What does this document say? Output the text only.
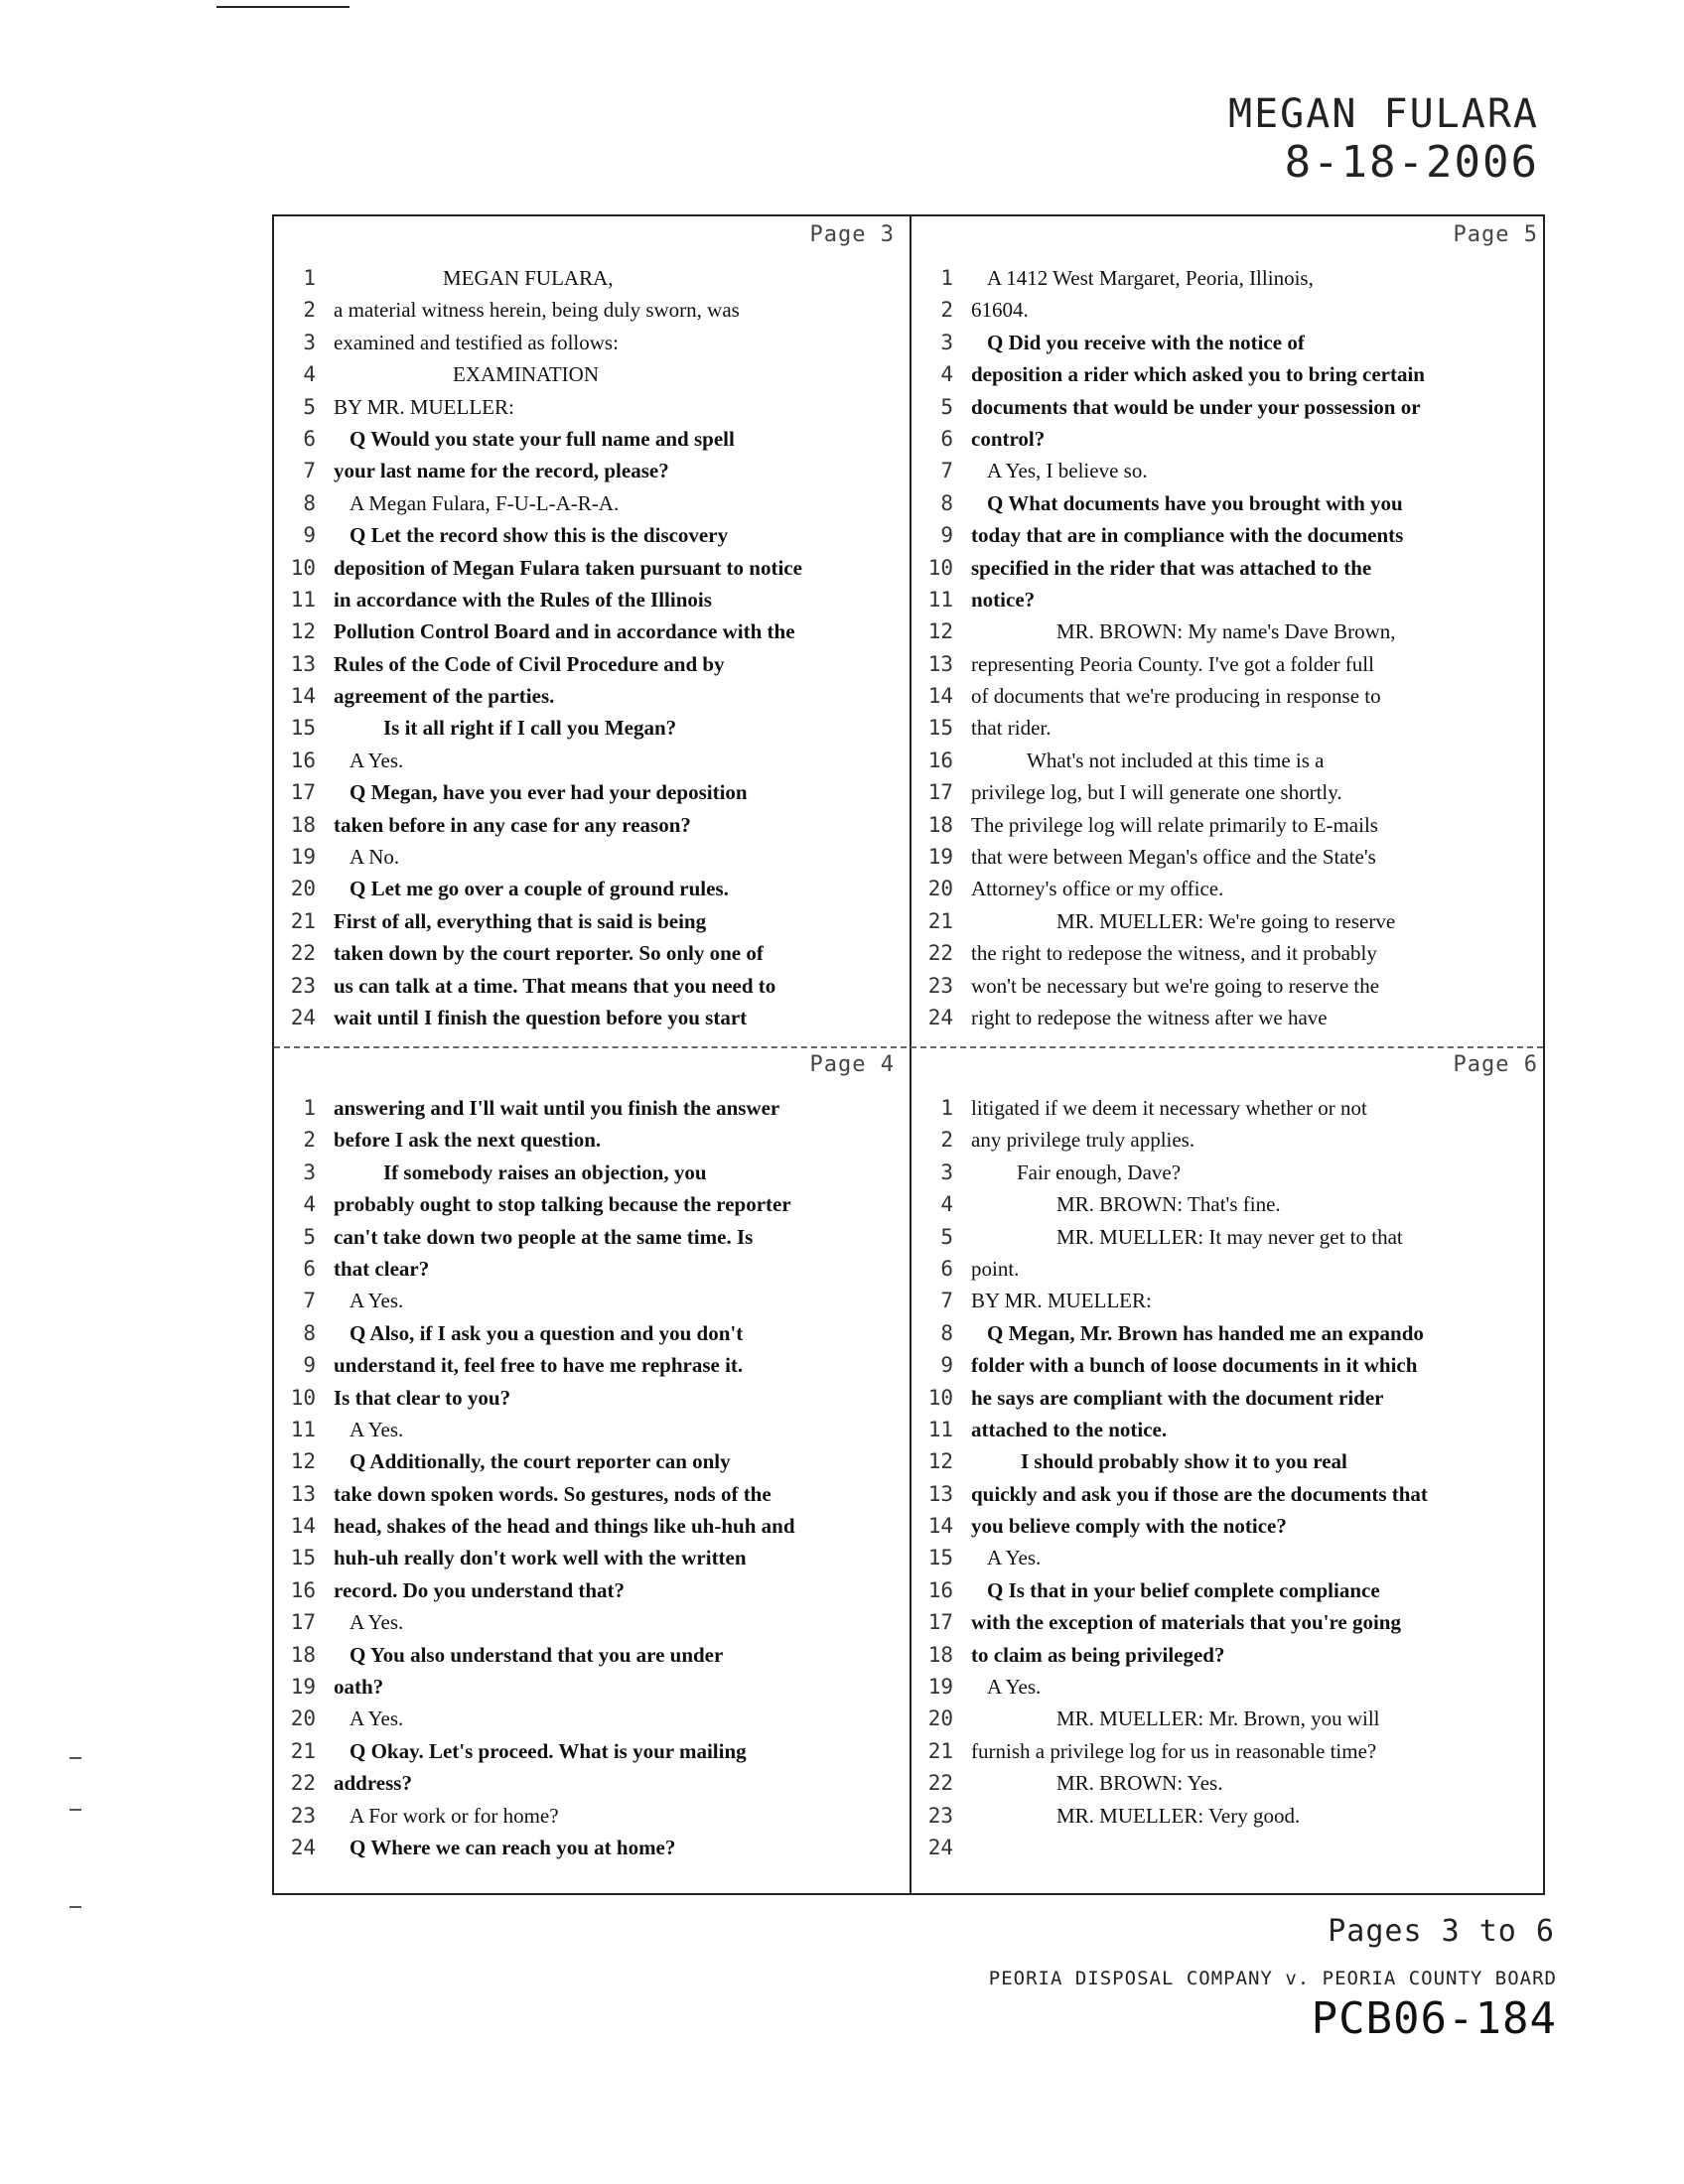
MEGAN FULARA
8-18-2006
Page 3
1	MEGAN FULARA,
2 a material witness herein, being duly sworn, was
3 examined and testified as follows:
4	EXAMINATION
5 BY MR. MUELLER:
6 Q Would you state your full name and spell
7 your last name for the record, please?
8 A Megan Fulara, F-U-L-A-R-A.
9 Q Let the record show this is the discovery
10 deposition of Megan Fulara taken pursuant to notice
11 in accordance with the Rules of the Illinois
12 Pollution Control Board and in accordance with the
13 Rules of the Code of Civil Procedure and by
14 agreement of the parties.
15	Is it all right if I call you Megan?
16 A Yes.
17 Q Megan, have you ever had your deposition
18 taken before in any case for any reason?
19 A No.
20 Q Let me go over a couple of ground rules.
21 First of all, everything that is said is being
22 taken down by the court reporter. So only one of
23 us can talk at a time. That means that you need to
24 wait until I finish the question before you start
Page 5
1 A 1412 West Margaret, Peoria, Illinois,
2 61604.
3 Q Did you receive with the notice of
4 deposition a rider which asked you to bring certain
5 documents that would be under your possession or
6 control?
7 A Yes, I believe so.
8 Q What documents have you brought with you
9 today that are in compliance with the documents
10 specified in the rider that was attached to the
11 notice?
12	MR. BROWN: My name's Dave Brown,
13 representing Peoria County. I've got a folder full
14 of documents that we're producing in response to
15 that rider.
16	What's not included at this time is a
17 privilege log, but I will generate one shortly.
18 The privilege log will relate primarily to E-mails
19 that were between Megan's office and the State's
20 Attorney's office or my office.
21	MR. MUELLER: We're going to reserve
22 the right to redepose the witness, and it probably
23 won't be necessary but we're going to reserve the
24 right to redepose the witness after we have
Page 4
1 answering and I'll wait until you finish the answer
2 before I ask the next question.
3	If somebody raises an objection, you
4 probably ought to stop talking because the reporter
5 can't take down two people at the same time. Is
6 that clear?
7 A Yes.
8 Q Also, if I ask you a question and you don't
9 understand it, feel free to have me rephrase it.
10 Is that clear to you?
11 A Yes.
12 Q Additionally, the court reporter can only
13 take down spoken words. So gestures, nods of the
14 head, shakes of the head and things like uh-huh and
15 huh-uh really don't work well with the written
16 record. Do you understand that?
17 A Yes.
18 Q You also understand that you are under
19 oath?
20 A Yes.
21 Q Okay. Let's proceed. What is your mailing
22 address?
23 A For work or for home?
24 Q Where we can reach you at home?
Page 6
1 litigated if we deem it necessary whether or not
2 any privilege truly applies.
3	Fair enough, Dave?
4	MR. BROWN: That's fine.
5	MR. MUELLER: It may never get to that
6 point.
7 BY MR. MUELLER:
8 Q Megan, Mr. Brown has handed me an expando
9 folder with a bunch of loose documents in it which
10 he says are compliant with the document rider
11 attached to the notice.
12	I should probably show it to you real
13 quickly and ask you if those are the documents that
14 you believe comply with the notice?
15 A Yes.
16 Q Is that in your belief complete compliance
17 with the exception of materials that you're going
18 to claim as being privileged?
19 A Yes.
20	MR. MUELLER: Mr. Brown, you will
21 furnish a privilege log for us in reasonable time?
22	MR. BROWN: Yes.
23	MR. MUELLER: Very good.
24
Pages 3 to 6
PEORIA DISPOSAL COMPANY v. PEORIA COUNTY BOARD
PCB06-184
